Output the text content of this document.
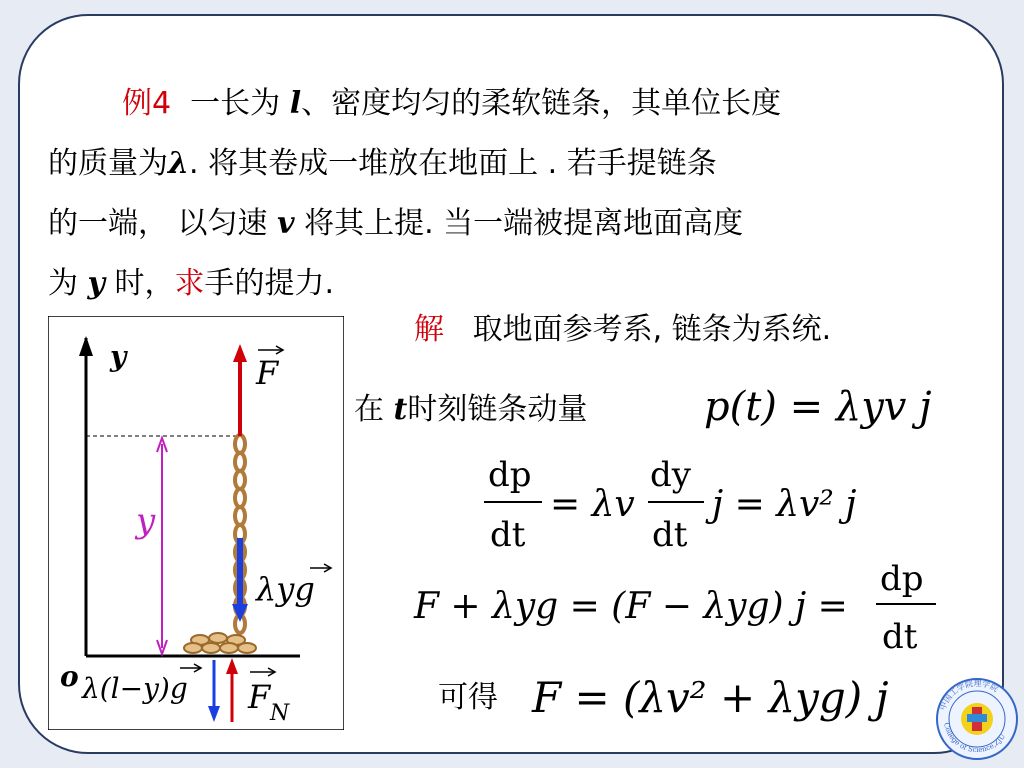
例4 一长为 l、密度均匀的柔软链条，其单位长度
的质量为λ. 将其卷成一堆放在地面上 . 若手提链条
的一端， 以匀速 v 将其上提. 当一端被提离地面高度
为 y 时，求手的提力.
解 取地面参考系, 链条为系统.
在 t时刻链条动量
可得
y
o
y
F
λyg
λ(l−y)g F N
p(t) = λyv j
dp
dt
= λv
dy
dt
j = λv² j
F + λyg = (F − λyg) j =
dp
dt
F = (λv² + λyg) j	中国工学院理学院
College of Science,ZJU
